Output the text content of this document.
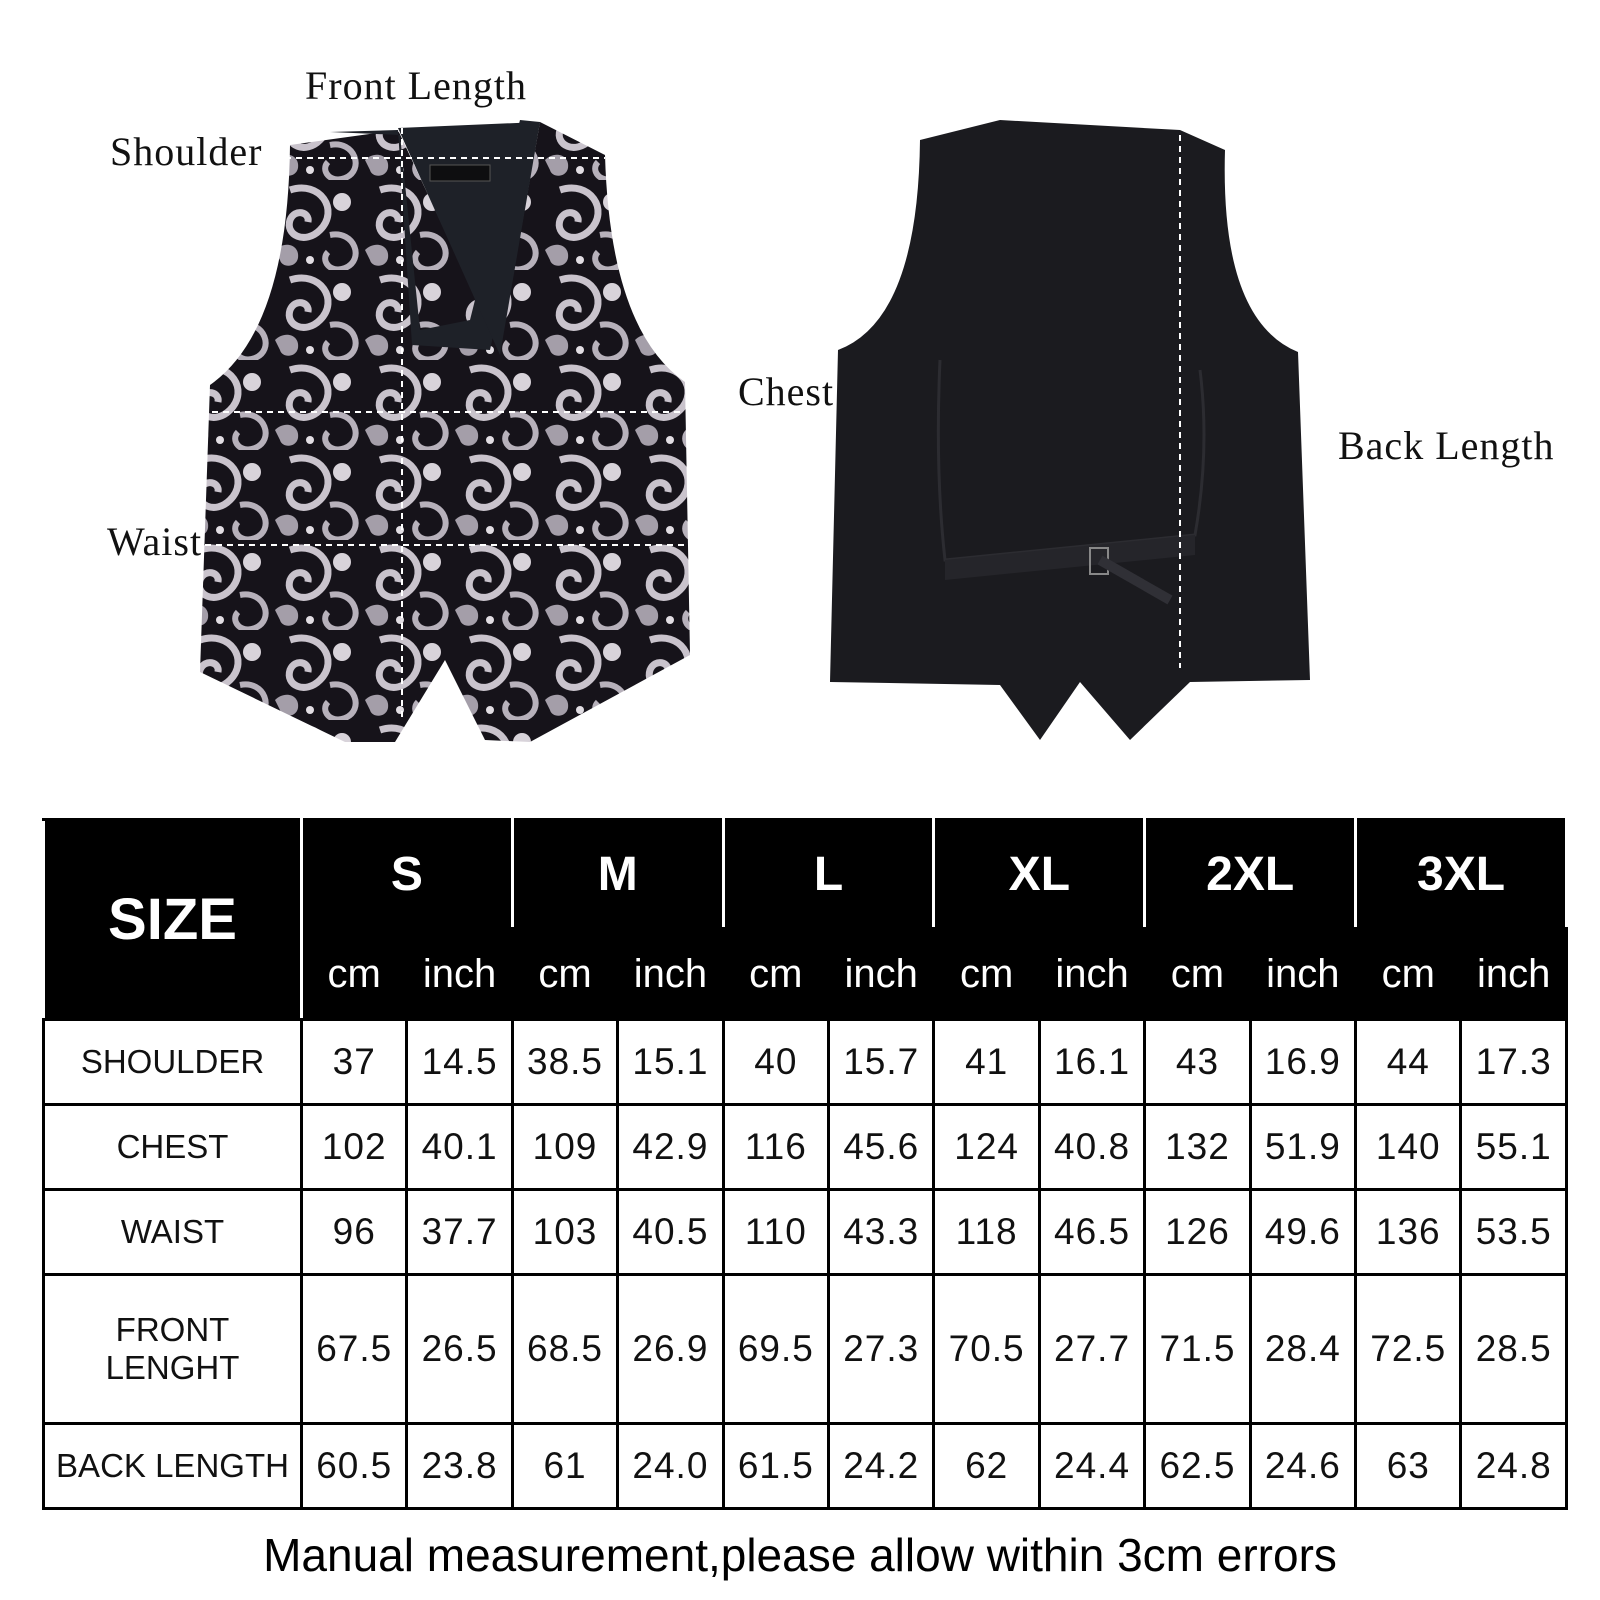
Front Length
Shoulder
Waist
Chest
Back Length
SIZE	S		M		L		XL		2XL		3XL	
	cm	inch	cm	inch	cm	inch	cm	inch	cm	inch	cm	inch
SHOULDER	37	14.5	38.5	15.1	40	15.7	41	16.1	43	16.9	44	17.3
CHEST	102	40.1	109	42.9	116	45.6	124	40.8	132	51.9	140	55.1
WAIST	96	37.7	103	40.5	110	43.3	118	46.5	126	49.6	136	53.5
FRONT LENGHT	67.5	26.5	68.5	26.9	69.5	27.3	70.5	27.7	71.5	28.4	72.5	28.5
BACK LENGTH	60.5	23.8	61	24.0	61.5	24.2	62	24.4	62.5	24.6	63	24.8
Manual measurement,please allow within 3cm errors
